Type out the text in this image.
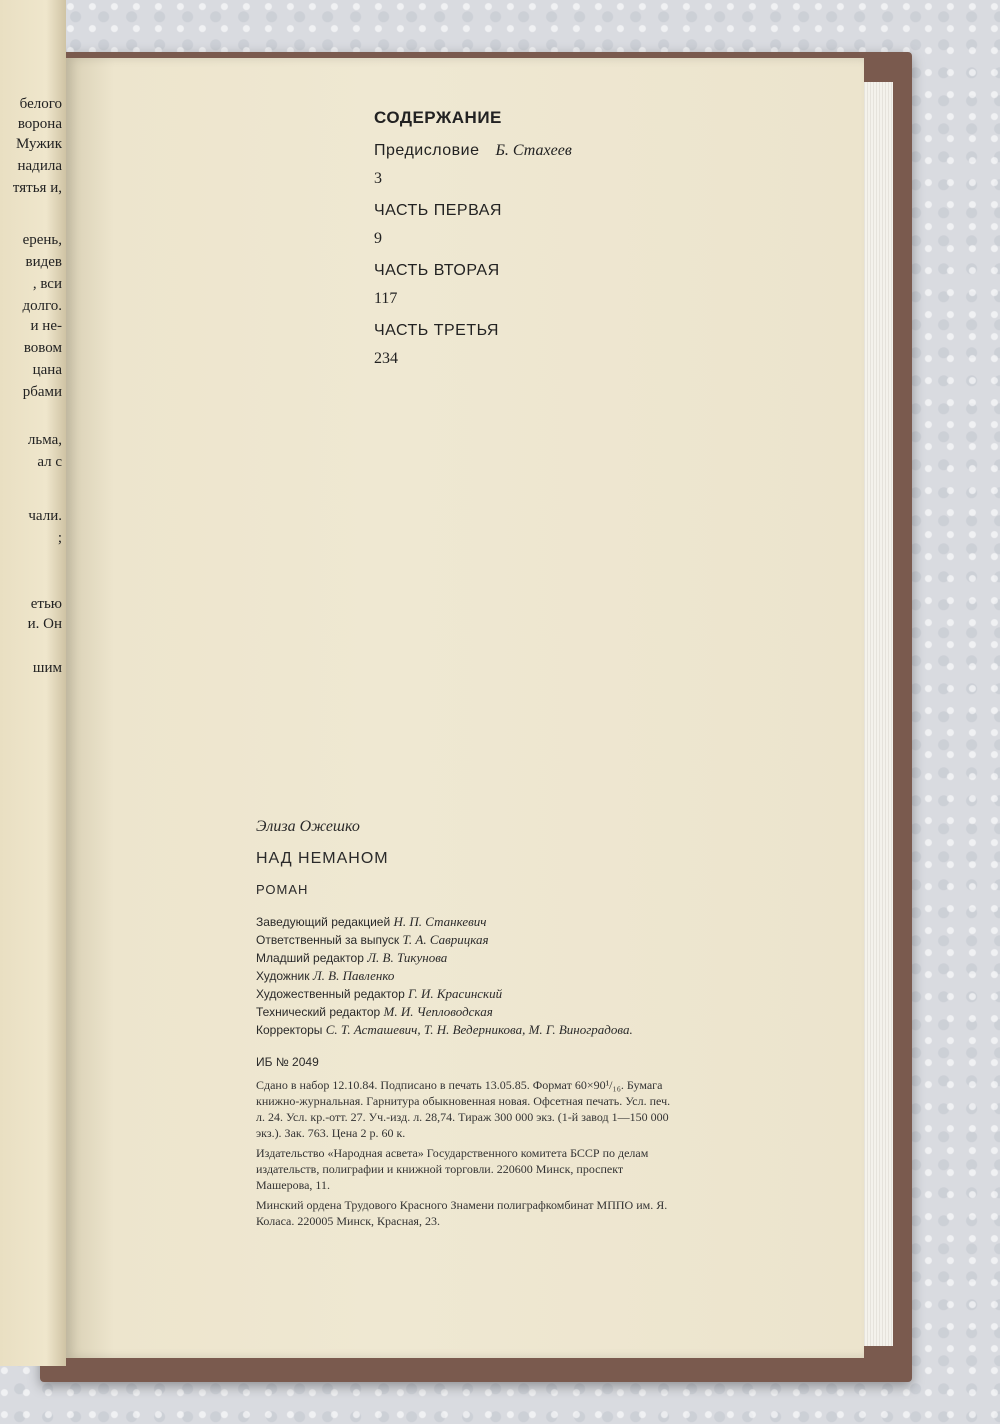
белого
ворона
Мужик
надила
тятья и,
ерень,
видев
, вси
долго.
и не-
вовом
цана
рбами
льма,
ал с
чали.
;
етью
и. Он
шим
СОДЕРЖАНИЕ
Предисловие Б. Стахеев
3
ЧАСТЬ ПЕРВАЯ
9
ЧАСТЬ ВТОРАЯ
117
ЧАСТЬ ТРЕТЬЯ
234
Элиза Ожешко
НАД НЕМАНОМ
РОМАН
Заведующий редакцией Н. П. Станкевич
Ответственный за выпуск Т. А. Саврицкая
Младший редактор Л. В. Тикунова
Художник Л. В. Павленко
Художественный редактор Г. И. Красинский
Технический редактор М. И. Чепловодская
Корректоры С. Т. Асташевич, Т. Н. Ведерникова, М. Г. Виноградова.
ИБ № 2049

Сдано в набор 12.10.84. Подписано в печать 13.05.85. Формат 60×90¹/₁₆. Бумага книжно-журнальная. Гарнитура обыкновенная новая. Офсетная печать. Усл. печ. л. 24. Усл. кр.-отт. 27. Уч.-изд. л. 28,74. Тираж 300 000 экз. (1-й завод 1—150 000 экз.). Зак. 763. Цена 2 р. 60 к.

Издательство «Народная асвета» Государственного комитета БССР по делам издательств, полиграфии и книжной торговли. 220600 Минск, проспект Машерова, 11.

Минский ордена Трудового Красного Знамени полиграфкомбинат МППО им. Я. Коласа. 220005 Минск, Красная, 23.
